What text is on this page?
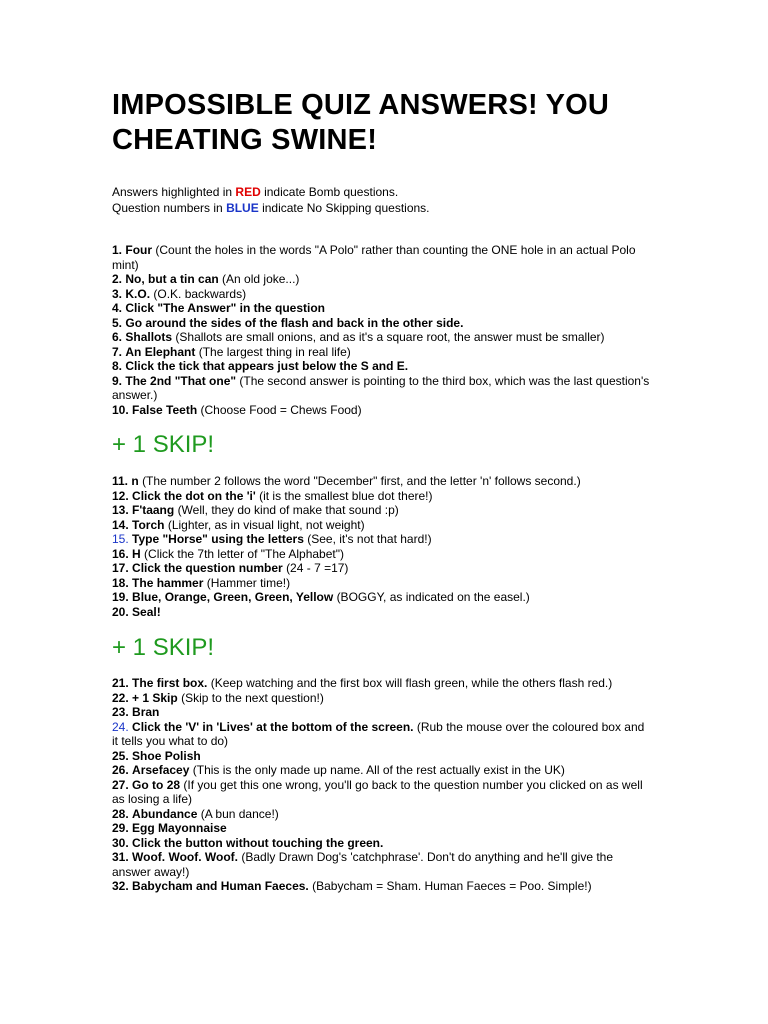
IMPOSSIBLE QUIZ ANSWERS! YOU CHEATING SWINE!
Answers highlighted in RED indicate Bomb questions.
Question numbers in BLUE indicate No Skipping questions.

1. Four (Count the holes in the words "A Polo" rather than counting the ONE hole in an actual Polo mint)

2. No, but a tin can (An old joke...)

3. K.O. (O.K. backwards)

4. Click "The Answer" in the question

5. Go around the sides of the flash and back in the other side.

6. Shallots (Shallots are small onions, and as it's a square root, the answer must be smaller)

7. An Elephant (The largest thing in real life)

8. Click the tick that appears just below the S and E.

9. The 2nd "That one" (The second answer is pointing to the third box, which was the last question's answer.)

10. False Teeth (Choose Food = Chews Food)

+ 1 SKIP!

11. n (The number 2 follows the word "December" first, and the letter 'n' follows second.)

12. Click the dot on the 'i' (it is the smallest blue dot there!)

13. F'taang (Well, they do kind of make that sound :p)

14. Torch (Lighter, as in visual light, not weight)

15. Type "Horse" using the letters (See, it's not that hard!)

16. H (Click the 7th letter of "The Alphabet")

17. Click the question number (24 - 7 =17)

18. The hammer (Hammer time!)

19. Blue, Orange, Green, Green, Yellow (BOGGY, as indicated on the easel.)

20. Seal!

+ 1 SKIP!

21. The first box. (Keep watching and the first box will flash green, while the others flash red.)

22. + 1 Skip (Skip to the next question!)

23. Bran

24. Click the 'V' in 'Lives' at the bottom of the screen. (Rub the mouse over the coloured box and it tells you what to do)

25. Shoe Polish

26. Arsefacey (This is the only made up name. All of the rest actually exist in the UK)

27. Go to 28 (If you get this one wrong, you'll go back to the question number you clicked on as well as losing a life)

28. Abundance (A bun dance!)

29. Egg Mayonnaise

30. Click the button without touching the green.

31. Woof. Woof. Woof. (Badly Drawn Dog's 'catchphrase'. Don't do anything and he'll give the answer away!)

32. Babycham and Human Faeces. (Babycham = Sham. Human Faeces = Poo. Simple!)
